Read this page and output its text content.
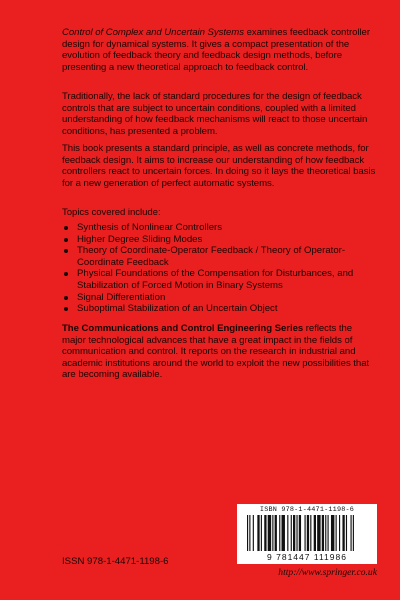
Control of Complex and Uncertain Systems examines feedback controller design for dynamical systems. It gives a compact presentation of the evolution of feedback theory and feedback design methods, before presenting a new theoretical approach to feedback control.
Traditionally, the lack of standard procedures for the design of feedback controls that are subject to uncertain conditions, coupled with a limited understanding of how feedback mechanisms will react to those uncertain conditions, has presented a problem.
This book presents a standard principle, as well as concrete methods, for feedback design. It aims to increase our understanding of how feedback controllers react to uncertain forces. In doing so it lays the theoretical basis for a new generation of perfect automatic systems.
Topics covered include:
Synthesis of Nonlinear Controllers
Higher Degree Sliding Modes
Theory of Coordinate-Operator Feedback / Theory of Operator-Coordinate Feedback
Physical Foundations of the Compensation for Disturbances, and Stabilization of Forced Motion in Binary Systems
Signal Differentiation
Suboptimal Stabilization of an Uncertain Object
The Communications and Control Engineering Series reflects the major technological advances that have a great impact in the fields of communication and control. It reports on the research in industrial and academic institutions around the world to exploit the new possibilities that are becoming available.
ISSN 978-1-4471-1198-6
ISBN 978-1-4471-1198-6
9 781447 111986
http://www.springer.co.uk
